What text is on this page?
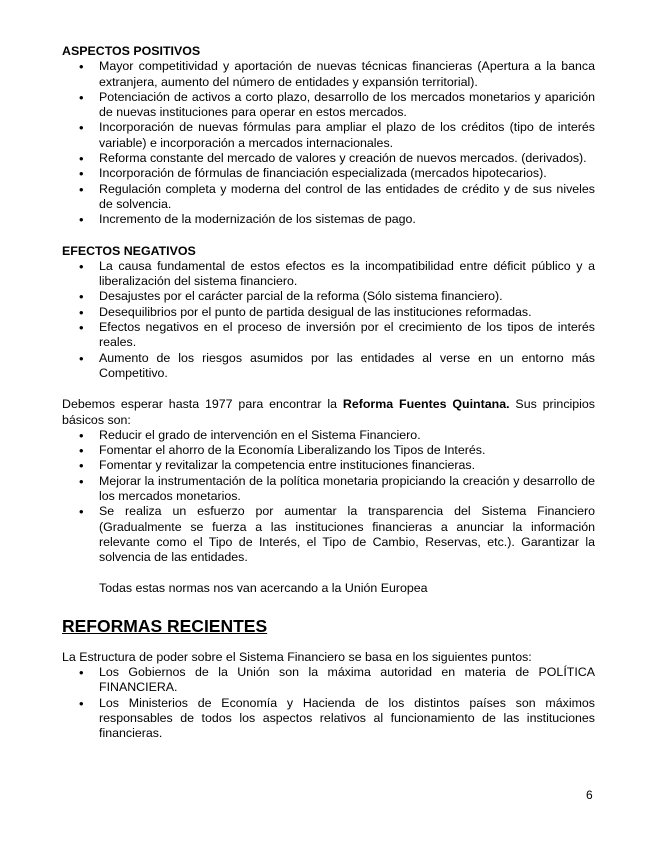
ASPECTOS POSITIVOS
• Mayor competitividad y aportación de nuevas técnicas financieras (Apertura a la banca extranjera, aumento del número de entidades y expansión territorial).
• Potenciación de activos a corto plazo, desarrollo de los mercados monetarios y aparición de nuevas instituciones para operar en estos mercados.
• Incorporación de nuevas fórmulas para ampliar el plazo de los créditos (tipo de interés variable) e incorporación a mercados internacionales.
• Reforma constante del mercado de valores y creación de nuevos mercados. (derivados).
• Incorporación de fórmulas de financiación especializada (mercados hipotecarios).
• Regulación completa y moderna del control de las entidades de crédito y de sus niveles de solvencia.
• Incremento de la modernización de los sistemas de pago.
EFECTOS NEGATIVOS
• La causa fundamental de estos efectos es la incompatibilidad entre déficit público y a liberalización del sistema financiero.
• Desajustes por el carácter parcial de la reforma (Sólo sistema financiero).
• Desequilibrios por el punto de partida desigual de las instituciones reformadas.
• Efectos negativos en el proceso de inversión por el crecimiento de los tipos de interés reales.
• Aumento de los riesgos asumidos por las entidades al verse en un entorno más Competitivo.

Debemos esperar hasta 1977 para encontrar la Reforma Fuentes Quintana. Sus principios básicos son:

• Reducir el grado de intervención en el Sistema Financiero.
• Fomentar el ahorro de la Economía Liberalizando los Tipos de Interés.
• Fomentar y revitalizar la competencia entre instituciones financieras.
• Mejorar la instrumentación de la política monetaria propiciando la creación y desarrollo de los mercados monetarios.
• Se realiza un esfuerzo por aumentar la transparencia del Sistema Financiero (Gradualmente se fuerza a las instituciones financieras a anunciar la información relevante como el Tipo de Interés, el Tipo de Cambio, Reservas, etc.). Garantizar la solvencia de las entidades.

Todas estas normas nos van acercando a la Unión Europea

REFORMAS RECIENTES

La Estructura de poder sobre el Sistema Financiero se basa en los siguientes puntos:

• Los Gobiernos de la Unión son la máxima autoridad en materia de POLÍTICA FINANCIERA.
• Los Ministerios de Economía y Hacienda de los distintos países son máximos responsables de todos los aspectos relativos al funcionamiento de las instituciones financieras.
6
